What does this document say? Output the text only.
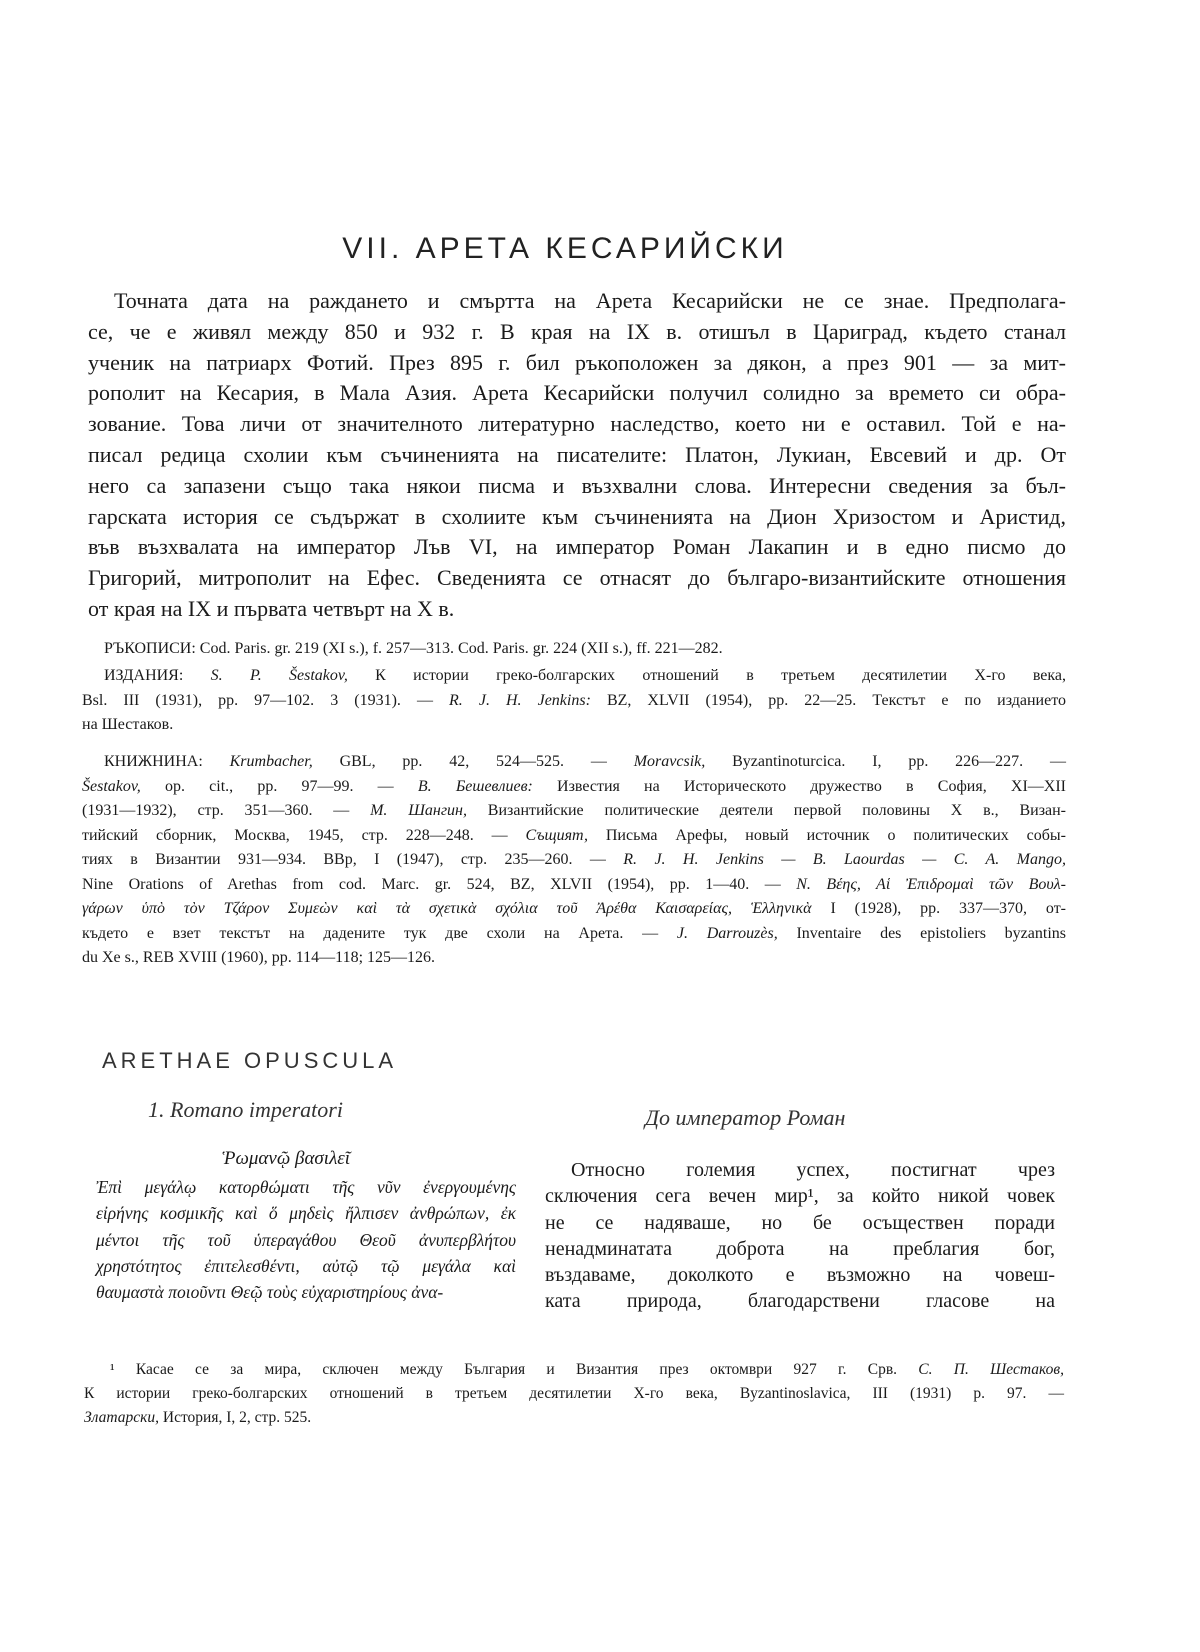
VII. АРЕТА КЕСАРИЙСКИ
Точната дата на раждането и смъртта на Арета Кесарийски не се знае. Предполага-
се, че е живял между 850 и 932 г. В края на IX в. отишъл в Цариград, където станал
ученик на патриарх Фотий. През 895 г. бил ръкоположен за дякон, а през 901 — за мит-
рополит на Кесария, в Мала Азия. Арета Кесарийски получил солидно за времето си обра-
зование. Това личи от значителното литературно наследство, което ни е оставил. Той е на-
писал редица схолии към съчиненията на писателите: Платон, Лукиан, Евсевий и др. От
него са запазени също така някои писма и възхвални слова. Интересни сведения за бъл-
гарската история се съдържат в схолиите към съчиненията на Дион Хризостом и Аристид,
във възхвалата на император Лъв VI, на император Роман Лакапин и в едно писмо до
Григорий, митрополит на Ефес. Сведенията се отнасят до българо-византийските отношения
от края на IX и първата четвърт на X в.
РЪКОПИСИ: Cod. Paris. gr. 219 (XI s.), f. 257—313. Cod. Paris. gr. 224 (XII s.), ff. 221—282.
ИЗДАНИЯ: S. P. Šestakov, К истории греко-болгарских отношений в третьем десятилетии X-го века,
Bsl. III (1931), pp. 97—102. 3 (1931). — R. J. H. Jenkins: BZ, XLVII (1954), pp. 22—25. Текстът е по изданието
на Шестаков.
КНИЖНИНА: Krumbacher, GBL, pp. 42, 524—525. — Moravcsik, Byzantinoturcica. I, pp. 226—227. —
Šestakov, op. cit., pp. 97—99. — В. Бешевлиев: Известия на Историческото дружество в София, XI—XII
(1931—1932), стр. 351—360. — М. Шангин, Византийские политические деятели первой половины X в., Визан-
тийский сборник, Москва, 1945, стр. 228—248. — Същият, Письма Арефы, новый источник о политических собы-
тиях в Византии 931—934. BBp, I (1947), стр. 235—260. — R. J. H. Jenkins — B. Laourdas — C. A. Mango,
Nine Orations of Arethas from cod. Marc. gr. 524, BZ, XLVII (1954), pp. 1—40. — N. Βέης, Αἱ Ἐπιδρομαὶ τῶν Βουλ-
γάρων ὑπὸ τὸν Τζάρον Συμεὼν καὶ τὰ σχετικὰ σχόλια τοῦ Ἀρέθα Καισαρείας, Ἑλληνικὰ I (1928), pp. 337—370, от-
където е взет текстът на дадените тук две схоли на Арета. — J. Darrouzès, Inventaire des epistoliers byzantins
du Xe s., REB XVIII (1960), pp. 114—118; 125—126.
ARETHAE OPUSCULA
1. Romano imperatori	До император Роман
Ῥωμανῷ βασιλεῖ
Ἐπὶ μεγάλῳ κατορθώματι τῆς νῦν ἐνεργουμένης
εἰρήνης κοσμικῆς καὶ ὅ μηδεὶς ἤλπισεν ἀνθρώπων, ἐκ
μέντοι τῆς τοῦ ὑπεραγάθου Θεοῦ ἀνυπερβλήτου
χρηστότητος ἐπιτελεσθέντι, αὐτῷ τῷ μεγάλα καὶ
θαυμαστὰ ποιοῦντι Θεῷ τοὺς εὐχαριστηρίους ἀνα-
Относно големия успех, постигнат чрез
сключения сега вечен мир¹, за който никой човек
не се надяваше, но бе осъществен поради
ненадминатата доброта на преблагия бог,
въздаваме, доколкото е възможно на човеш-
ката природа, благодарствени гласове на
¹ Касае се за мира, сключен между България и Византия през октомври 927 г. Срв. С. П. Шестаков,
К истории греко-болгарских отношений в третьем десятилетии X-го века, Byzantinoslavica, III (1931) p. 97. —
Златарски, История, I, 2, стр. 525.
